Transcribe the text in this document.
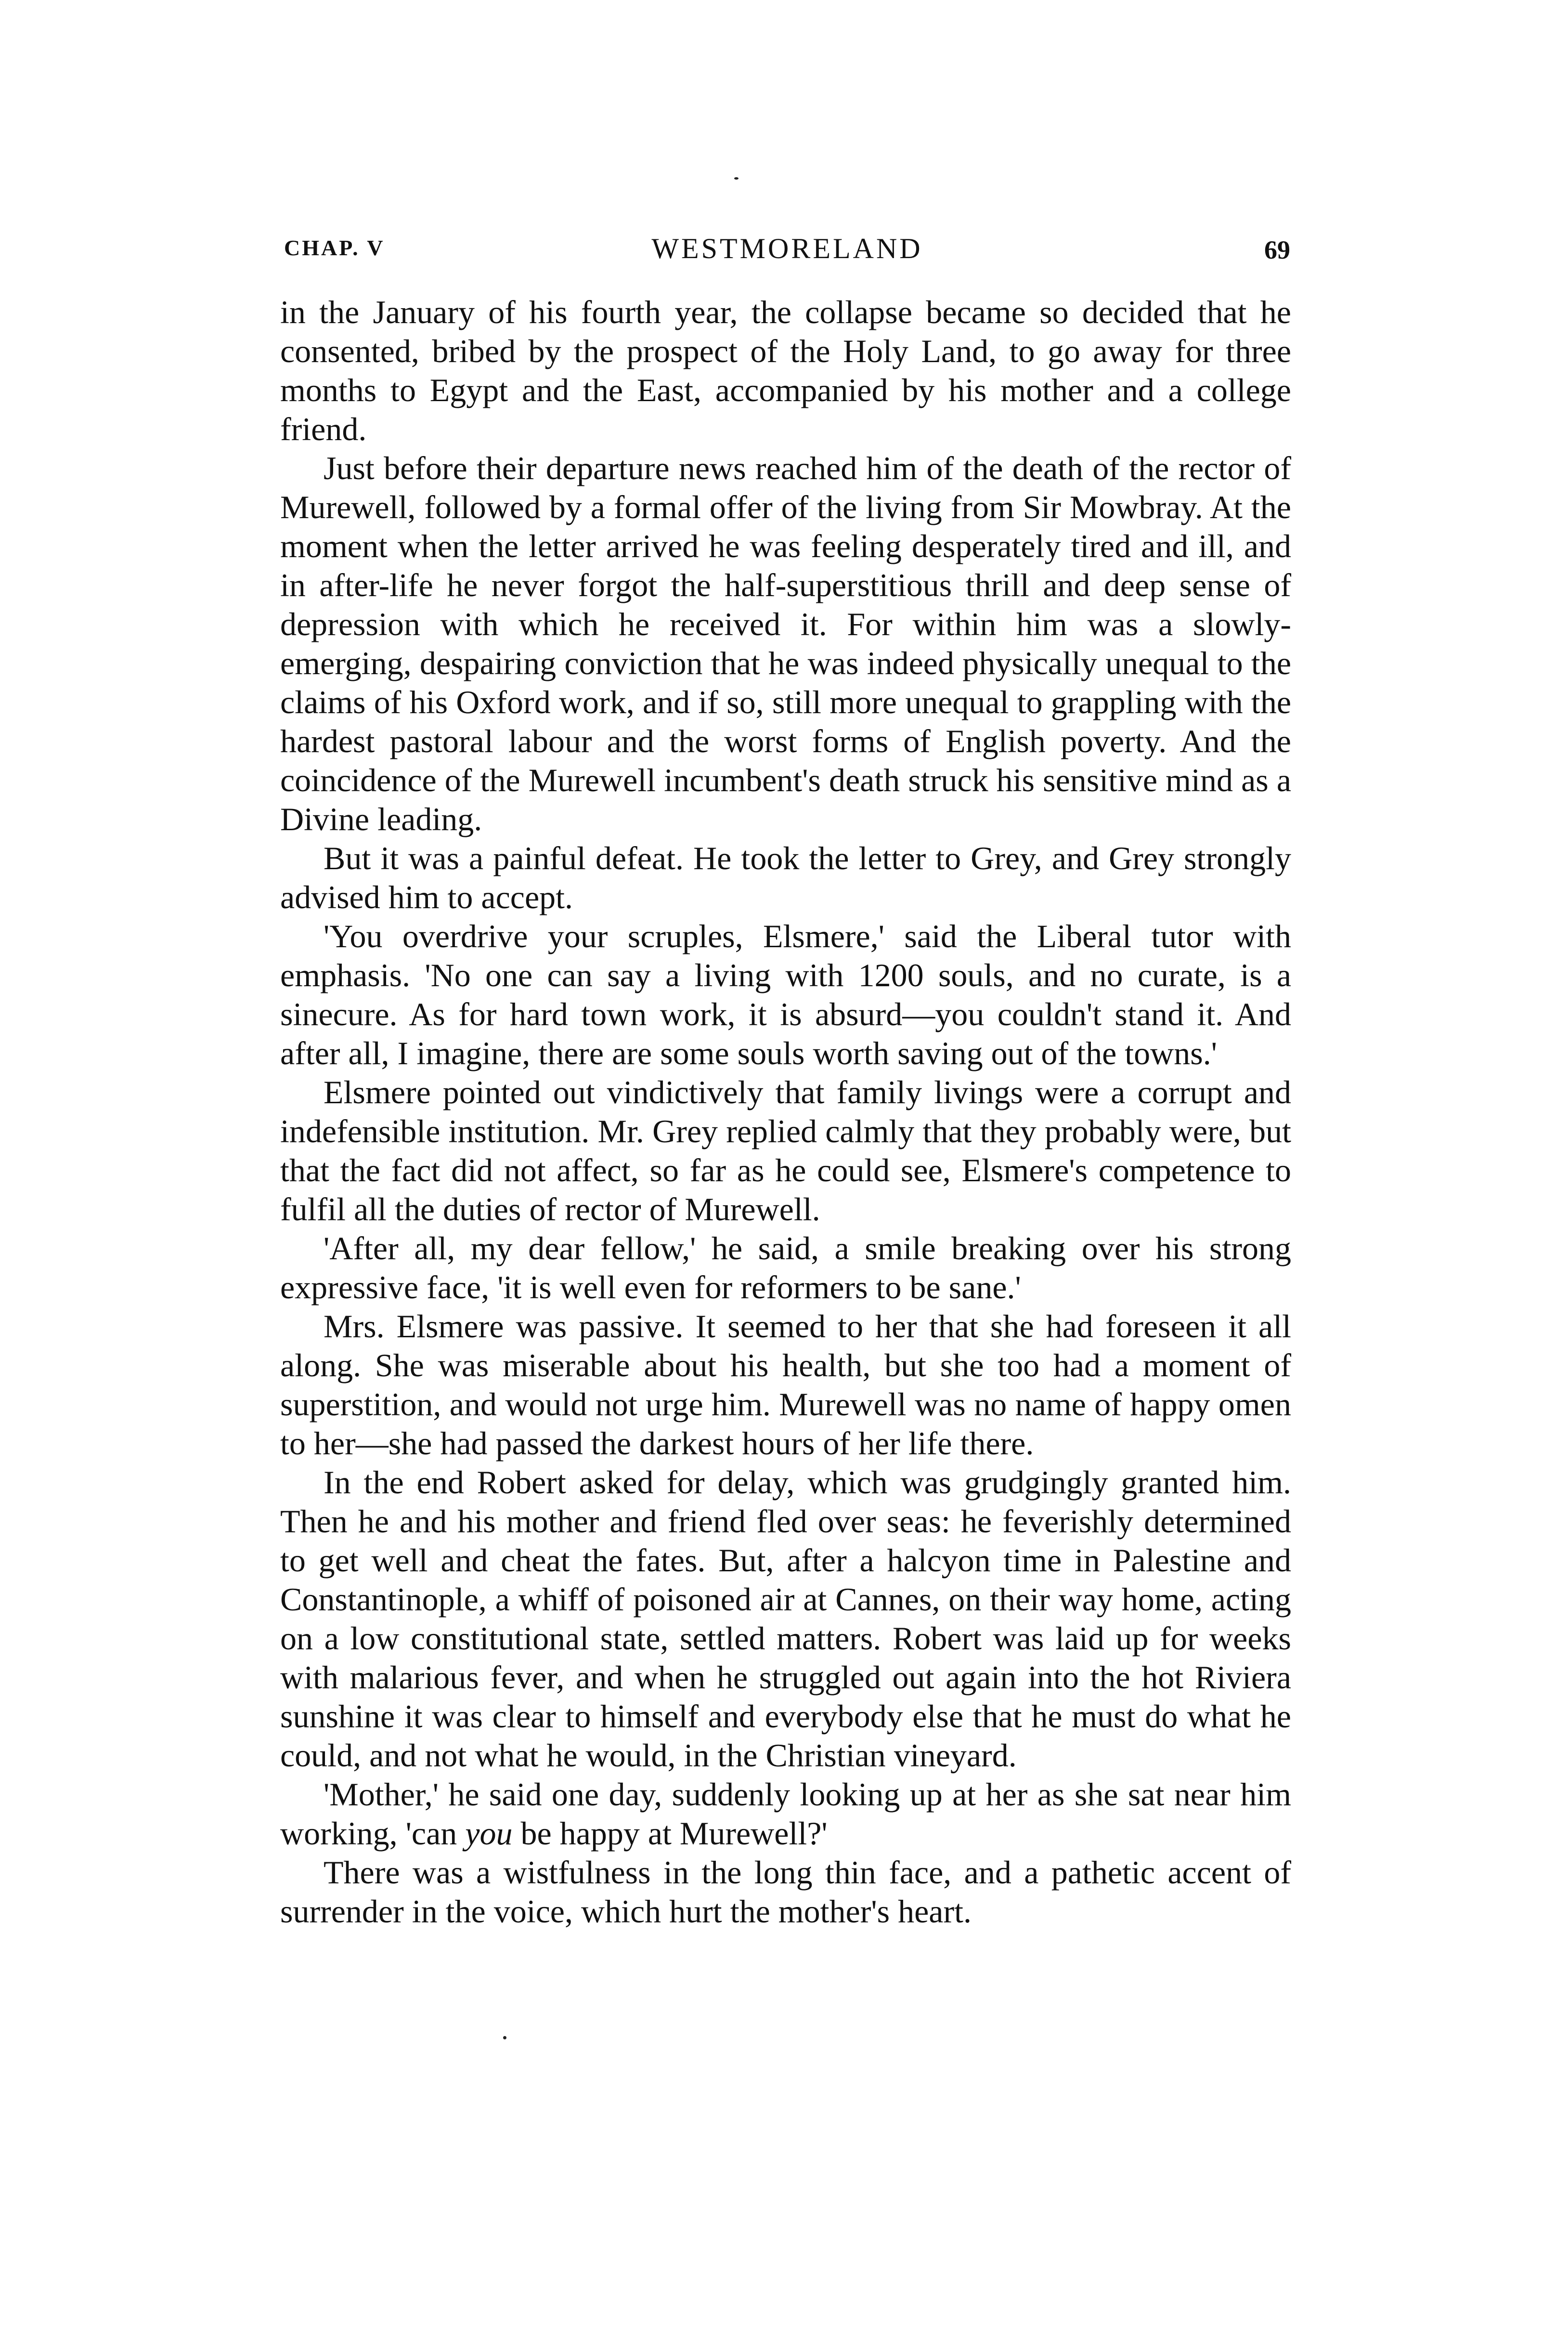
CHAP. V	WESTMORELAND	69

in the January of his fourth year, the collapse became so decided that he consented, bribed by the prospect of the Holy Land, to go away for three months to Egypt and the East, accompanied by his mother and a college friend.

Just before their departure news reached him of the death of the rector of Murewell, followed by a formal offer of the living from Sir Mowbray. At the moment when the letter arrived he was feeling desperately tired and ill, and in after-life he never forgot the half-superstitious thrill and deep sense of depression with which he received it. For within him was a slowly-emerging, despairing conviction that he was indeed physically unequal to the claims of his Oxford work, and if so, still more unequal to grappling with the hardest pastoral labour and the worst forms of English poverty. And the coincidence of the Murewell incumbent's death struck his sensitive mind as a Divine leading.

But it was a painful defeat. He took the letter to Grey, and Grey strongly advised him to accept.

'You overdrive your scruples, Elsmere,' said the Liberal tutor with emphasis. 'No one can say a living with 1200 souls, and no curate, is a sinecure. As for hard town work, it is absurd—you couldn't stand it. And after all, I imagine, there are some souls worth saving out of the towns.'

Elsmere pointed out vindictively that family livings were a corrupt and indefensible institution. Mr. Grey replied calmly that they probably were, but that the fact did not affect, so far as he could see, Elsmere's competence to fulfil all the duties of rector of Murewell.

'After all, my dear fellow,' he said, a smile breaking over his strong expressive face, 'it is well even for reformers to be sane.'

Mrs. Elsmere was passive. It seemed to her that she had foreseen it all along. She was miserable about his health, but she too had a moment of superstition, and would not urge him. Murewell was no name of happy omen to her—she had passed the darkest hours of her life there.

In the end Robert asked for delay, which was grudgingly granted him. Then he and his mother and friend fled over seas: he feverishly determined to get well and cheat the fates. But, after a halcyon time in Palestine and Constantinople, a whiff of poisoned air at Cannes, on their way home, acting on a low constitutional state, settled matters. Robert was laid up for weeks with malarious fever, and when he struggled out again into the hot Riviera sunshine it was clear to himself and everybody else that he must do what he could, and not what he would, in the Christian vineyard.

'Mother,' he said one day, suddenly looking up at her as she sat near him working, 'can you be happy at Murewell?'

There was a wistfulness in the long thin face, and a pathetic accent of surrender in the voice, which hurt the mother's heart.
